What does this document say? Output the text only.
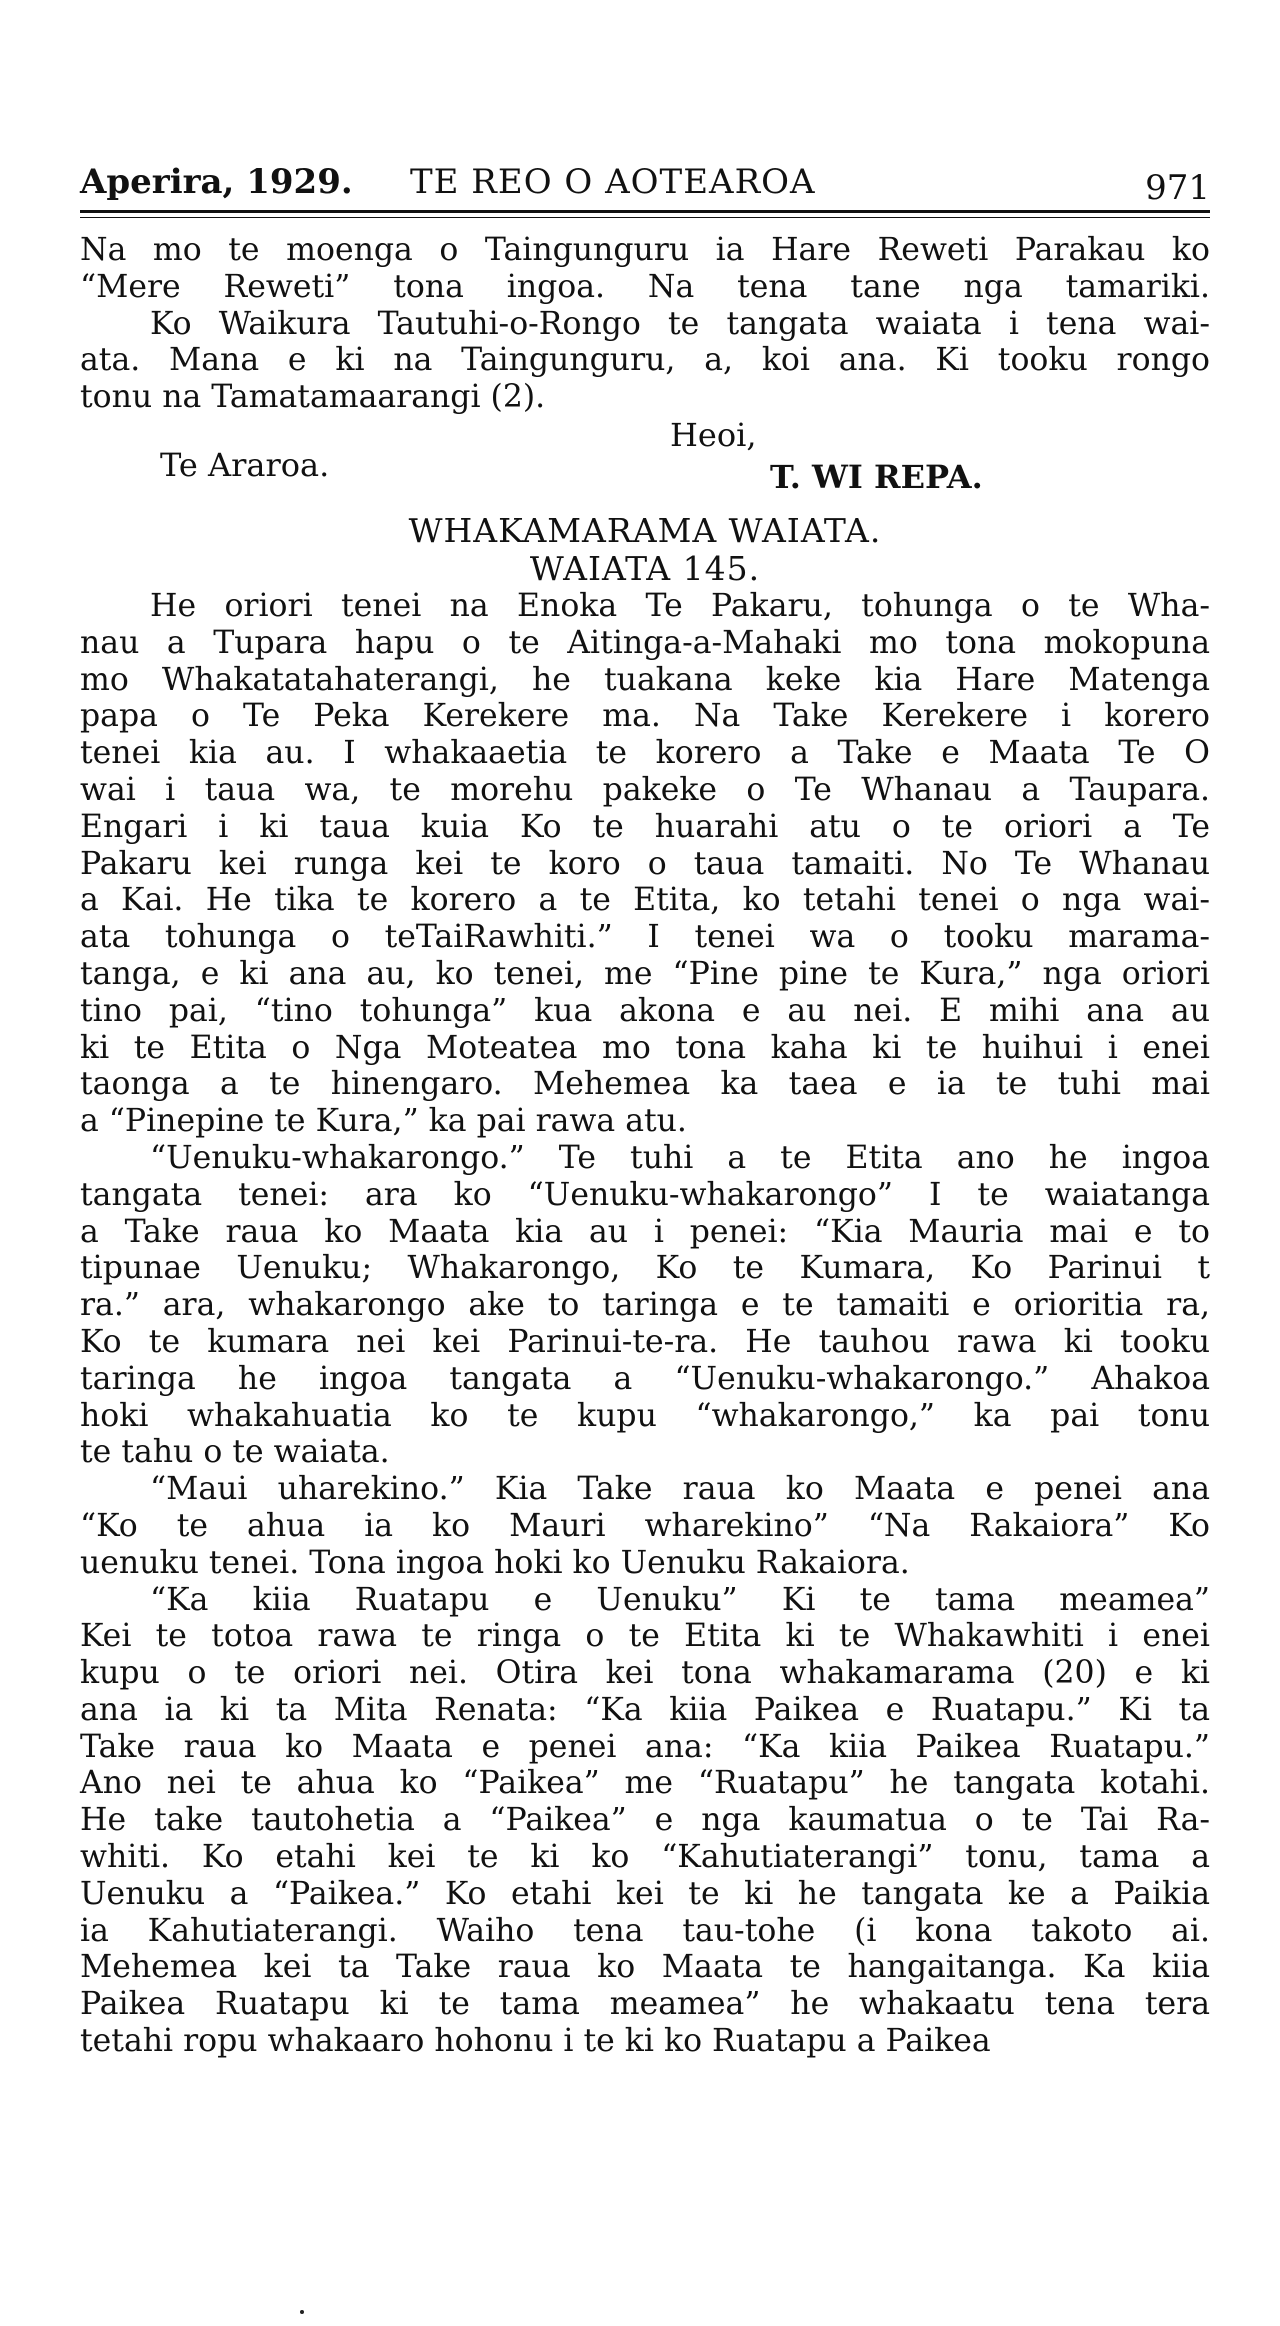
Aperira, 1929. TE REO O AOTEAROA	971
Na mo te moenga o Taingunguru ia Hare Reweti Parakau ko
“Mere Reweti” tona ingoa. Na tena tane nga tamariki.
Ko Waikura Tautuhi-o-Rongo te tangata waiata i tena wai-
ata. Mana e ki na Taingunguru, a, koi ana. Ki tooku rongo
tonu na Tamatamaarangi (2).
Heoi,
Te Araroa.	T. WI REPA.
WHAKAMARAMA WAIATA.
WAIATA 145.
He oriori tenei na Enoka Te Pakaru, tohunga o te Wha-
nau a Tupara hapu o te Aitinga-a-Mahaki mo tona mokopuna
mo Whakatatahaterangi, he tuakana keke kia Hare Matenga
papa o Te Peka Kerekere ma. Na Take Kerekere i korero
tenei kia au. I whakaaetia te korero a Take e Maata Te O
wai i taua wa, te morehu pakeke o Te Whanau a Taupara.
Engari i ki taua kuia Ko te huarahi atu o te oriori a Te
Pakaru kei runga kei te koro o taua tamaiti. No Te Whanau
a Kai. He tika te korero a te Etita, ko tetahi tenei o nga wai-
ata tohunga o teTaiRawhiti.” I tenei wa o tooku marama-
tanga, e ki ana au, ko tenei, me “Pine pine te Kura,” nga oriori
tino pai, “tino tohunga” kua akona e au nei. E mihi ana au
ki te Etita o Nga Moteatea mo tona kaha ki te huihui i enei
taonga a te hinengaro. Mehemea ka taea e ia te tuhi mai
a “Pinepine te Kura,” ka pai rawa atu.
“Uenuku-whakarongo.” Te tuhi a te Etita ano he ingoa
tangata tenei: ara ko “Uenuku-whakarongo” I te waiatanga
a Take raua ko Maata kia au i penei: “Kia Mauria mai e to
tipunae Uenuku; Whakarongo, Ko te Kumara, Ko Parinui t
ra.” ara, whakarongo ake to taringa e te tamaiti e orioritia ra,
Ko te kumara nei kei Parinui-te-ra. He tauhou rawa ki tooku
taringa he ingoa tangata a “Uenuku-whakarongo.” Ahakoa
hoki whakahuatia ko te kupu “whakarongo,” ka pai tonu
te tahu o te waiata.
“Maui uharekino.” Kia Take raua ko Maata e penei ana
“Ko te ahua ia ko Mauri wharekino” “Na Rakaiora” Ko
uenuku tenei. Tona ingoa hoki ko Uenuku Rakaiora.
“Ka kiia Ruatapu e Uenuku” Ki te tama meamea”
Kei te totoa rawa te ringa o te Etita ki te Whakawhiti i enei
kupu o te oriori nei. Otira kei tona whakamarama (20) e ki
ana ia ki ta Mita Renata: “Ka kiia Paikea e Ruatapu.” Ki ta
Take raua ko Maata e penei ana: “Ka kiia Paikea Ruatapu.”
Ano nei te ahua ko “Paikea” me “Ruatapu” he tangata kotahi.
He take tautohetia a “Paikea” e nga kaumatua o te Tai Ra-
whiti. Ko etahi kei te ki ko “Kahutiaterangi” tonu, tama a
Uenuku a “Paikea.” Ko etahi kei te ki he tangata ke a Paikia
ia Kahutiaterangi. Waiho tena tau-tohe (i kona takoto ai.
Mehemea kei ta Take raua ko Maata te hangaitanga. Ka kiia
Paikea Ruatapu ki te tama meamea” he whakaatu tena tera
tetahi ropu whakaaro hohonu i te ki ko Ruatapu a Paikea
